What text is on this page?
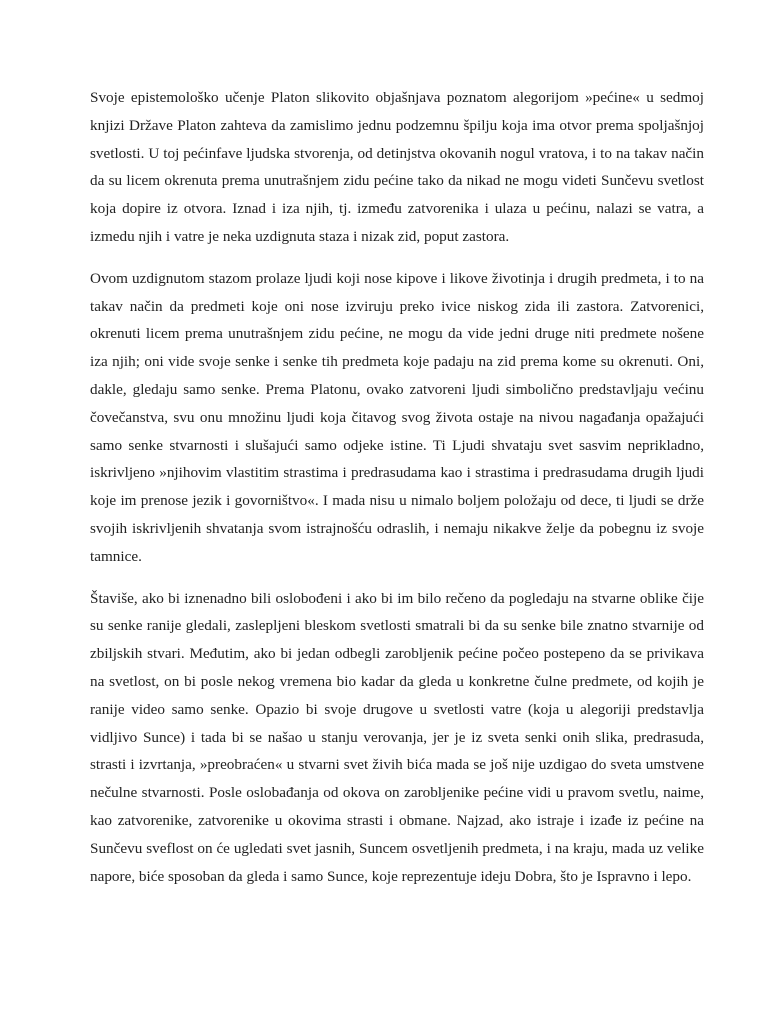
Svoje epistemološko učenje Platon slikovito objašnjava poznatom alegorijom »pećine« u sedmoj knjizi Države Platon zahteva da zamislimo jednu podzemnu špilju koja ima otvor prema spoljašnjoj svetlosti. U toj pećinfave ljudska stvorenja, od detinjstva okovanih nogul vratova, i to na takav način da su licem okrenuta prema unutrašnjem zidu pećine tako da nikad ne mogu videti Sunčevu svetlost koja dopire iz otvora. Iznad i iza njih, tj. između zatvorenika i ulaza u pećinu, nalazi se vatra, a izmedu njih i vatre je neka uzdignuta staza i nizak zid, poput zastora.

Ovom uzdignutom stazom prolaze ljudi koji nose kipove i likove životinja i drugih predmeta, i to na takav način da predmeti koje oni nose izviruju preko ivice niskog zida ili zastora. Zatvorenici, okrenuti licem prema unutrašnjem zidu pećine, ne mogu da vide jedni druge niti predmete nošene iza njih; oni vide svoje senke i senke tih predmeta koje padaju na zid prema kome su okrenuti. Oni, dakle, gledaju samo senke. Prema Platonu, ovako zatvoreni ljudi simbolično predstavljaju većinu čovečanstva, svu onu množinu ljudi koja čitavog svog života ostaje na nivou nagađanja opažajući samo senke stvarnosti i slušajući samo odjeke istine. Ti Ljudi shvataju svet sasvim neprikladno, iskrivljeno »njihovim vlastitim strastima i predrasudama kao i strastima i predrasudama drugih ljudi koje im prenose jezik i govorništvo«. I mada nisu u nimalo boljem položaju od dece, ti ljudi se drže svojih iskrivljenih shvatanja svom istrajnošću odraslih, i nemaju nikakve želje da pobegnu iz svoje tamnice.

Štaviše, ako bi iznenadno bili oslobođeni i ako bi im bilo rečeno da pogledaju na stvarne oblike čije su senke ranije gledali, zaslepljeni bleskom svetlosti smatrali bi da su senke bile znatno stvarnije od zbiljskih stvari. Međutim, ako bi jedan odbegli zarobljenik pećine počeo postepeno da se privikava na svetlost, on bi posle nekog vremena bio kadar da gleda u konkretne čulne predmete, od kojih je ranije video samo senke. Opazio bi svoje drugove u svetlosti vatre (koja u alegoriji predstavlja vidljivo Sunce) i tada bi se našao u stanju verovanja, jer je iz sveta senki onih slika, predrasuda, strasti i izvrtanja, »preobraćen« u stvarni svet živih bića mada se još nije uzdigao do sveta umstvene nečulne stvarnosti. Posle oslobađanja od okova on zarobljenike pećine vidi u pravom svetlu, naime, kao zatvorenike, zatvorenike u okovima strasti i obmane. Najzad, ako istraje i izađe iz pećine na Sunčevu sveflost on će ugledati svet jasnih, Suncem osvetljenih predmeta, i na kraju, mada uz velike napore, biće sposoban da gleda i samo Sunce, koje reprezentuje ideju Dobra, što je Ispravno i lepo.
